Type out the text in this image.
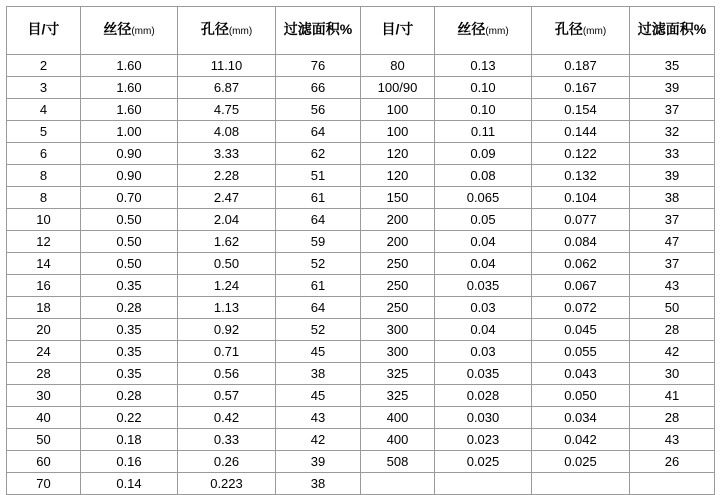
目/寸	丝径(mm)	孔径(mm)	过滤面积%	目/寸	丝径(mm)	孔径(mm)	过滤面积%
2	1.60	11.10	76	80	0.13	0.187	35
3	1.60	6.87	66	100/90	0.10	0.167	39
4	1.60	4.75	56	100	0.10	0.154	37
5	1.00	4.08	64	100	0.11	0.144	32
6	0.90	3.33	62	120	0.09	0.122	33
8	0.90	2.28	51	120	0.08	0.132	39
8	0.70	2.47	61	150	0.065	0.104	38
10	0.50	2.04	64	200	0.05	0.077	37
12	0.50	1.62	59	200	0.04	0.084	47
14	0.50	0.50	52	250	0.04	0.062	37
16	0.35	1.24	61	250	0.035	0.067	43
18	0.28	1.13	64	250	0.03	0.072	50
20	0.35	0.92	52	300	0.04	0.045	28
24	0.35	0.71	45	300	0.03	0.055	42
28	0.35	0.56	38	325	0.035	0.043	30
30	0.28	0.57	45	325	0.028	0.050	41
40	0.22	0.42	43	400	0.030	0.034	28
50	0.18	0.33	42	400	0.023	0.042	43
60	0.16	0.26	39	508	0.025	0.025	26
70	0.14	0.223	38				
